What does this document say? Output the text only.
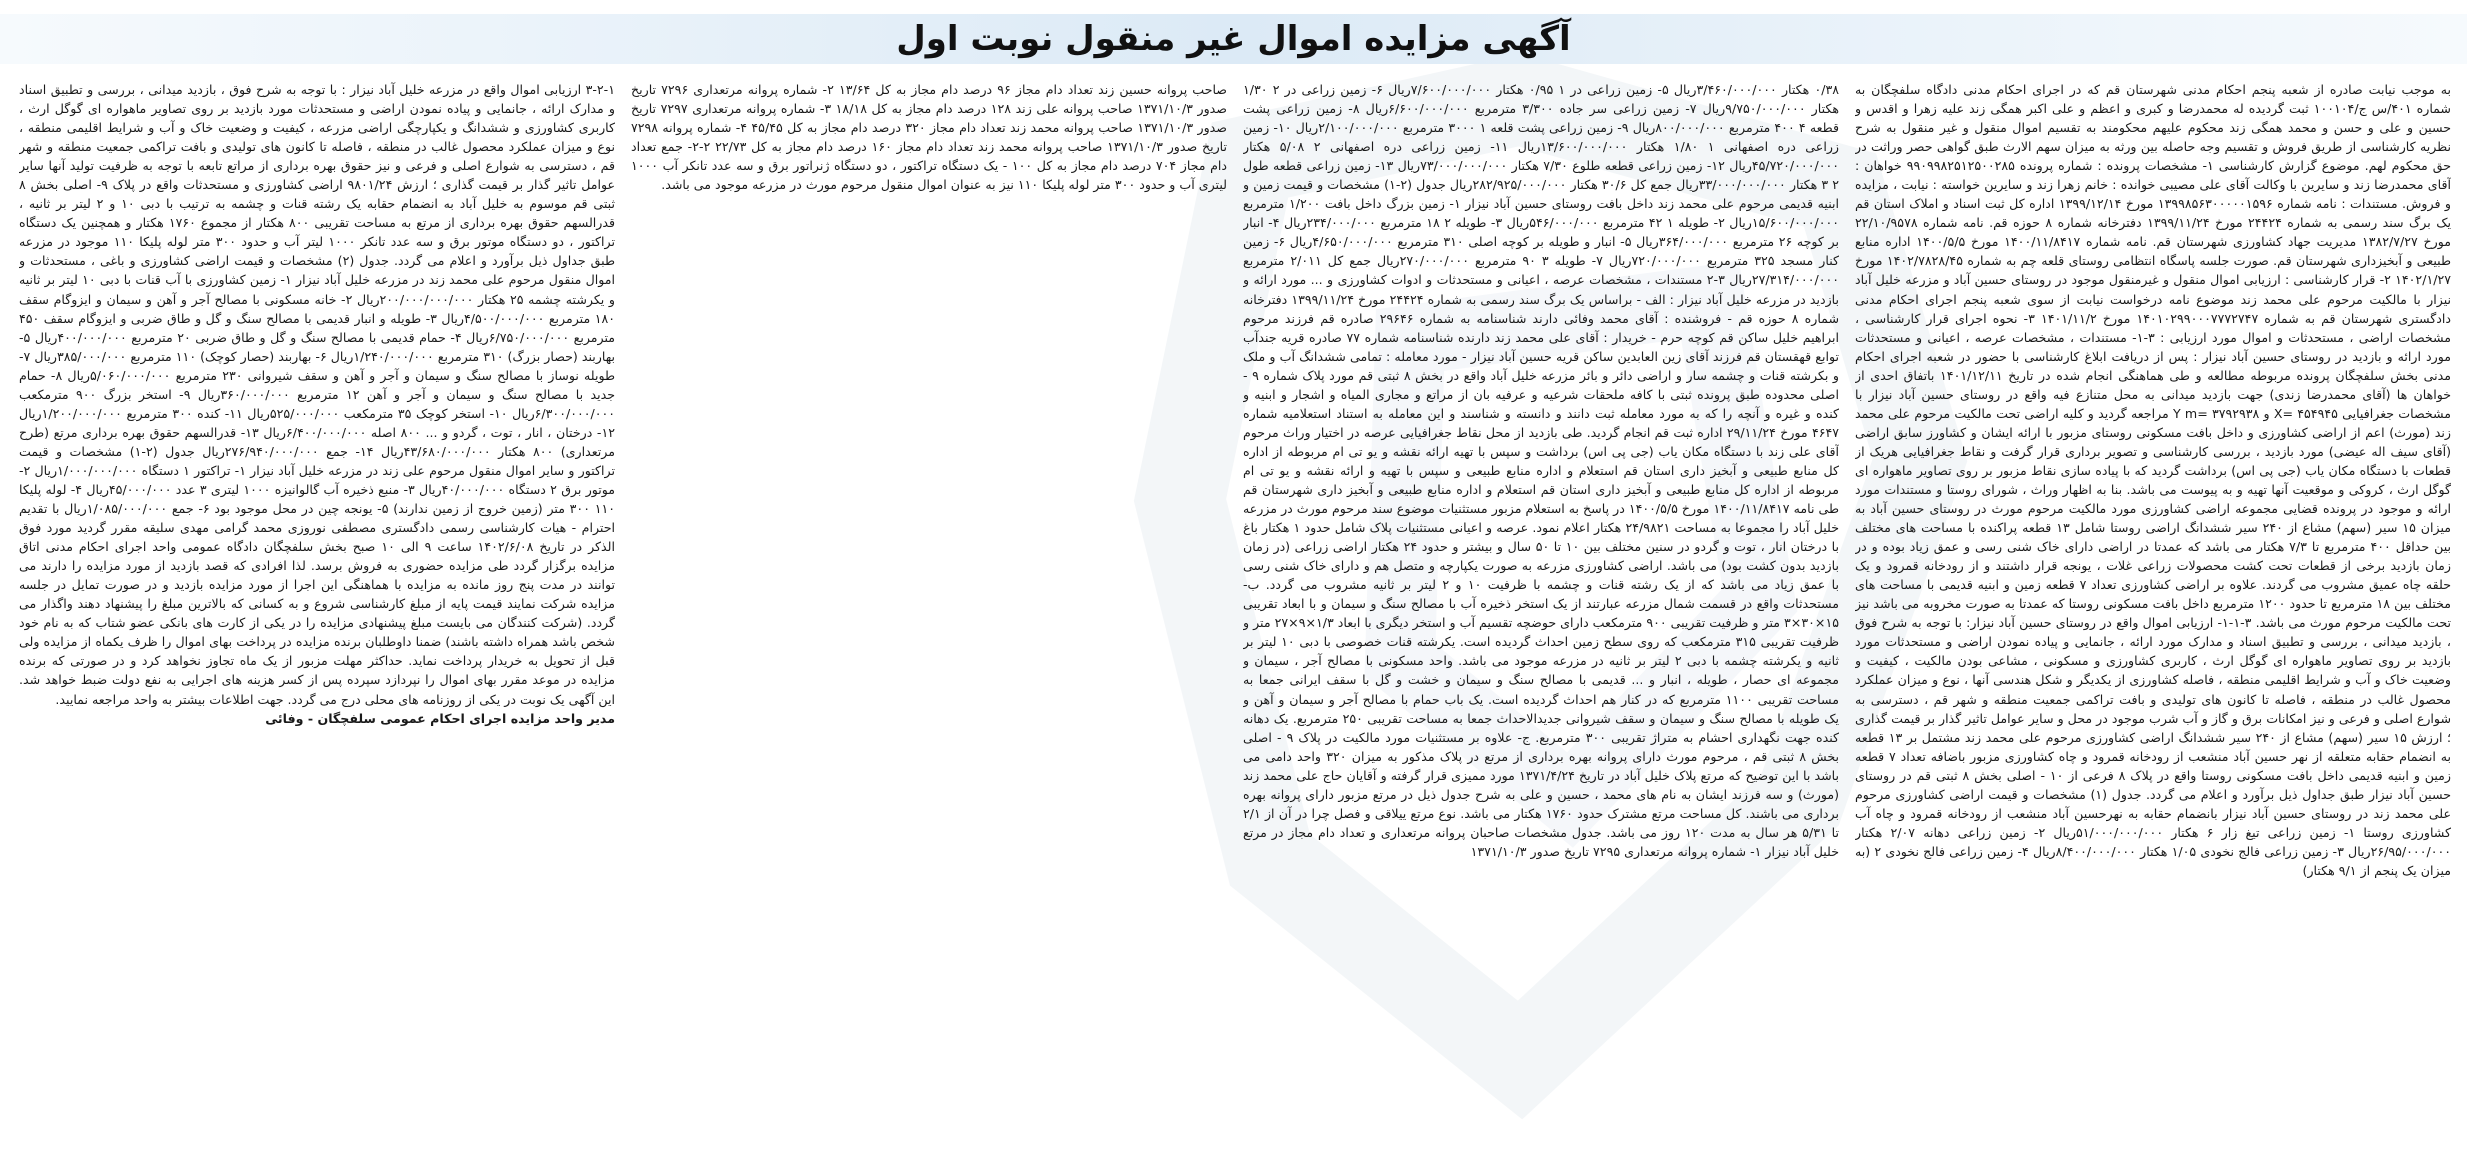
آگهی مزایده اموال غیر منقول نوبت اول

به موجب نیابت صادره از شعبه پنجم احکام مدنی شهرستان قم که در اجرای احکام مدنی دادگاه سلفچگان به شماره ۴۰۱/س ج/۱۰۰۱۰۴ ثبت گردیده له محمدرضا و کبری و اعظم و علی اکبر همگی زند علیه زهرا و اقدس و حسین و علی و حسن و محمد همگی زند محکوم علیهم محکومند به تقسیم اموال منقول و غیر منقول به شرح نظریه کارشناسی از طریق فروش و تقسیم وجه حاصله بین ورثه به میزان سهم الارث طبق گواهی حصر وراثت در حق محکوم لهم. موضوع گزارش کارشناسی ۱- مشخصات پرونده : شماره پرونده ۹۹۰۹۹۸۲۵۱۲۵۰۰۲۸۵ خواهان : آقای محمدرضا زند و سایرین با وکالت آقای علی مصیبی خوانده : خانم زهرا زند و سایرین خواسته : نیابت ، مزایده و فروش. مستندات : نامه شماره ۱۳۹۹۸۵۶۳۰۰۰۰۰۱۵۹۶ مورخ ۱۳۹۹/۱۲/۱۴ اداره کل ثبت اسناد و املاک استان قم یک برگ سند رسمی به شماره ۲۴۴۲۴ مورخ ۱۳۹۹/۱۱/۲۴ دفترخانه شماره ۸ حوزه قم. نامه شماره ۲۲/۱۰/۹۵۷۸ مورخ ۱۳۸۲/۷/۲۷ مدیریت جهاد کشاورزی شهرستان قم. نامه شماره ۱۴۰۰/۱۱/۸۴۱۷ مورخ ۱۴۰۰/۵/۵ اداره منابع طبیعی و آبخیزداری شهرستان قم. صورت جلسه پاسگاه انتظامی روستای قلعه چم به شماره ۱۴۰۲/۷۸۲۸/۴۵ مورخ ۱۴۰۲/۱/۲۷ ۲- قرار کارشناسی : ارزیابی اموال منقول و غیرمنقول موجود در روستای حسین آباد و مزرعه خلیل آباد نیزار با مالکیت مرحوم علی محمد زند موضوع نامه درخواست نیابت از سوی شعبه پنجم اجرای احکام مدنی دادگستری شهرستان قم به شماره ۱۴۰۱۰۲۹۹۰۰۰۷۷۷۲۷۴۷ مورخ ۱۴۰۱/۱۱/۲ ۳- نحوه اجرای قرار کارشناسی ، مشخصات اراضی ، مستحدثات و اموال مورد ارزیابی : ۳-۱- مستندات ، مشخصات عرصه ، اعیانی و مستحدثات مورد ارائه و بازدید در روستای حسین آباد نیزار : پس از دریافت ابلاغ کارشناسی با حضور در شعبه اجرای احکام مدنی بخش سلفچگان پرونده مربوطه مطالعه و طی هماهنگی انجام شده در تاریخ ۱۴۰۱/۱۲/۱۱ باتفاق احدی از خواهان ها (آقای محمدرضا زندی) جهت بازدید میدانی به محل متنازع فیه واقع در روستای حسین آباد نیزار با مشخصات جغرافیایی ۴۵۴۹۴۵ =X و ۳۷۹۲۹۳۸ =Y m مراجعه گردید و کلیه اراضی تحت مالکیت مرحوم علی محمد زند (مورث) اعم از اراضی کشاورزی و داخل بافت مسکونی روستای مزبور با ارائه ایشان و کشاورز سابق اراضی (آقای سیف اله عیضی) مورد بازدید ، بررسی کارشناسی و تصویر برداری قرار گرفت و نقاط جغرافیایی هریک از قطعات با دستگاه مکان یاب (جی پی اس) برداشت گردید که با پیاده سازی نقاط مزبور بر روی تصاویر ماهواره ای گوگل ارث ، کروکی و موقعیت آنها تهیه و به پیوست می باشد. بنا به اظهار وراث ، شورای روستا و مستندات مورد ارائه و موجود در پرونده قضایی مجموعه اراضی کشاورزی مورد مالکیت مرحوم مورث در روستای حسین آباد به میزان ۱۵ سیر (سهم) مشاع از ۲۴۰ سیر ششدانگ اراضی روستا شامل ۱۳ قطعه پراکنده با مساحت های مختلف بین حداقل ۴۰۰ مترمربع تا ۷/۳ هکتار می باشد که عمدتا در اراضی دارای خاک شنی رسی و عمق زیاد بوده و در زمان بازدید برخی از قطعات تحت کشت محصولات زراعی غلات ، یونجه قرار داشتند و از رودخانه قمرود و یک حلقه چاه عمیق مشروب می گردند. علاوه بر اراضی کشاورزی تعداد ۷ قطعه زمین و ابنیه قدیمی با مساحت های مختلف بین ۱۸ مترمربع تا حدود ۱۲۰۰ مترمربع داخل بافت مسکونی روستا که عمدتا به صورت مخروبه می باشد نیز تحت مالکیت مرحوم مورث می باشد. ۳-۱-۱- ارزیابی اموال واقع در روستای حسین آباد نیزار: با توجه به شرح فوق ، بازدید میدانی ، بررسی و تطبیق اسناد و مدارک مورد ارائه ، جانمایی و پیاده نمودن اراضی و مستحدثات مورد بازدید بر روی تصاویر ماهواره ای گوگل ارث ، کاربری کشاورزی و مسکونی ، مشاعی بودن مالکیت ، کیفیت و وضعیت خاک و آب و شرایط اقلیمی منطقه ، فاصله کشاورزی از یکدیگر و شکل هندسی آنها ، نوع و میزان عملکرد محصول غالب در منطقه ، فاصله تا کانون های تولیدی و بافت تراکمی جمعیت منطقه و شهر قم ، دسترسی به شوارع اصلی و فرعی و نیز امکانات برق و گاز و آب شرب موجود در محل و سایر عوامل تاثیر گذار بر قیمت گذاری ؛ ارزش ۱۵ سیر (سهم) مشاع از ۲۴۰ سیر ششدانگ اراضی کشاورزی مرحوم علی محمد زند مشتمل بر ۱۳ قطعه به انضمام حقابه متعلقه از نهر حسین آباد منشعب از رودخانه قمرود و چاه کشاورزی مزبور باضافه تعداد ۷ قطعه زمین و ابنیه قدیمی داخل بافت مسکونی روستا واقع در پلاک ۸ فرعی از ۱۰ - اصلی بخش ۸ ثبتی قم در روستای حسین آباد نیزار طبق جداول ذیل برآورد و اعلام می گردد. جدول (۱) مشخصات و قیمت اراضی کشاورزی مرحوم علی محمد زند در روستای حسین آباد نیزار بانضمام حقابه به نهرحسین آباد منشعب از رودخانه قمرود و چاه آب کشاورزی روستا ۱- زمین زراعی تیغ زار ۶ هکتار ۵۱/۰۰۰/۰۰۰/۰۰۰ریال ۲- زمین زراعی دهانه ۲/۰۷ هکتار ۲۶/۹۵/۰۰۰/۰۰۰ریال ۳- زمین زراعی فالج نخودی ۱/۰۵ هکتار ۸/۴۰۰/۰۰۰/۰۰۰ریال ۴- زمین زراعی فالج نخودی ۲ (به میزان یک پنجم از ۹/۱ هکتار)

۰/۳۸ هکتار ۳/۴۶۰/۰۰۰/۰۰۰ریال ۵- زمین زراعی در ۱ ۰/۹۵ هکتار ۷/۶۰۰/۰۰۰/۰۰۰ریال ۶- زمین زراعی در ۲ ۱/۳۰ هکتار ۹/۷۵۰/۰۰۰/۰۰۰ریال ۷- زمین زراعی سر جاده ۳/۳۰۰ مترمربع ۶/۶۰۰/۰۰۰/۰۰۰ریال ۸- زمین زراعی پشت قطعه ۴ ۴۰۰ مترمربع ۸۰۰/۰۰۰/۰۰۰ریال ۹- زمین زراعی پشت قلعه ۱ ۳۰۰۰ مترمربع ۲/۱۰۰/۰۰۰/۰۰۰ریال ۱۰- زمین زراعی دره اصفهانی ۱ ۱/۸۰ هکتار ۱۳/۶۰۰/۰۰۰/۰۰۰ریال ۱۱- زمین زراعی دره اصفهانی ۲ ۵/۰۸ هکتار ۴۵/۷۲۰/۰۰۰/۰۰۰ریال ۱۲- زمین زراعی قطعه طلوع ۷/۳۰ هکتار ۷۳/۰۰۰/۰۰۰/۰۰۰ریال ۱۳- زمین زراعی قطعه طول ۲ ۳ هکتار ۳۳/۰۰۰/۰۰۰/۰۰۰ریال جمع کل ۳۰/۶ هکتار ۲۸۲/۹۲۵/۰۰۰/۰۰۰ریال جدول (۲-۱) مشخصات و قیمت زمین و ابنیه قدیمی مرحوم علی محمد زند داخل بافت روستای حسین آباد نیزار ۱- زمین بزرگ داخل بافت ۱/۲۰۰ مترمربع ۱۵/۶۰۰/۰۰۰/۰۰۰ریال ۲- طویله ۱ ۴۲ مترمربع ۵۴۶/۰۰۰/۰۰۰ریال ۳- طویله ۲ ۱۸ مترمربع ۲۳۴/۰۰۰/۰۰۰ریال ۴- انبار بر کوچه ۲۶ مترمربع ۳۶۴/۰۰۰/۰۰۰ریال ۵- انبار و طویله بر کوچه اصلی ۳۱۰ مترمربع ۴/۶۵۰/۰۰۰/۰۰۰ریال ۶- زمین کنار مسجد ۳۲۵ مترمربع ۷۲۰/۰۰۰/۰۰۰ریال ۷- طویله ۳ ۹۰ مترمربع ۲۷۰/۰۰۰/۰۰۰ریال جمع کل ۲/۰۱۱ مترمربع ۲۷/۳۱۴/۰۰۰/۰۰۰ریال ۳-۲ مستندات ، مشخصات عرصه ، اعیانی و مستحدثات و ادوات کشاورزی و ... مورد ارائه و بازدید در مزرعه خلیل آباد نیزار : الف - براساس یک برگ سند رسمی به شماره ۲۴۴۲۴ مورخ ۱۳۹۹/۱۱/۲۴ دفترخانه شماره ۸ حوزه قم - فروشنده : آقای محمد وفائی دارند شناسنامه به شماره ۲۹۶۴۶ صادره قم فرزند مرحوم ابراهیم خلیل ساکن قم کوچه حرم - خریدار : آقای علی محمد زند دارنده شناسنامه شماره ۷۷ صادره قریه جندآب توابع قهقستان قم فرزند آقای زین العابدین ساکن قریه حسین آباد نیزار - مورد معامله : تمامی ششدانگ آب و ملک و بکرشته قنات و چشمه سار و اراضی دائر و بائر مزرعه خلیل آباد واقع در بخش ۸ ثبتی قم مورد پلاک شماره ۹ - اصلی محدوده طبق پرونده ثبتی با کافه ملحقات شرعیه و عرفیه بان از مراتع و مجاری المیاه و اشجار و ابنیه و کنده و غیره و آنچه را که به مورد معامله ثبت دانند و دانسته و شناسند و این معامله به استناد استعلامیه شماره ۴۶۴۷ مورخ ۲۹/۱۱/۲۴ اداره ثبت قم انجام گردید. طی بازدید از محل نقاط جغرافیایی عرصه در اختیار وراث مرحوم آقای علی زند با دستگاه مکان یاب (جی پی اس) برداشت و سپس با تهیه ارائه نقشه و یو تی ام مربوطه از اداره کل منابع طبیعی و آبخیز داری استان قم استعلام و اداره منابع طبیعی و سپس با تهیه و ارائه نقشه و یو تی ام مربوطه از اداره کل منابع طبیعی و آبخیز داری استان قم استعلام و اداره منابع طبیعی و آبخیز داری شهرستان قم طی نامه ۱۴۰۰/۱۱/۸۴۱۷ مورخ ۱۴۰۰/۵/۵ در پاسخ به استعلام مزبور مستثنیات موضوع سند مرحوم مورث در مزرعه خلیل آباد را مجموعا به مساحت ۲۴/۹۸۲۱ هکتار اعلام نمود. عرصه و اعیانی مستثنیات پلاک شامل حدود ۱ هکتار باغ با درختان انار ، توت و گردو در سنین مختلف بین ۱۰ تا ۵۰ سال و بیشتر و حدود ۲۴ هکتار اراضی زراعی (در زمان بازدید بدون کشت بود) می باشد. اراضی کشاورزی مزرعه به صورت یکپارچه و متصل هم و دارای خاک شنی رسی با عمق زیاد می باشد که از یک رشته قنات و چشمه با ظرفیت ۱۰ و ۲ لیتر بر ثانیه مشروب می گردد. ب- مستحدثات واقع در قسمت شمال مزرعه عبارتند از یک استخر ذخیره آب با مصالح سنگ و سیمان و با ابعاد تقریبی ۱۵×۳۰×۳ متر و ظرفیت تقریبی ۹۰۰ مترمکعب دارای حوضچه تقسیم آب و استخر دیگری با ابعاد ۱/۳×۹×۲۷ متر و ظرفیت تقریبی ۳۱۵ مترمکعب که روی سطح زمین احداث گردیده است. یکرشته قنات خصوصی با دبی ۱۰ لیتر بر ثانیه و یکرشته چشمه با دبی ۲ لیتر بر ثانیه در مزرعه موجود می باشد. واحد مسکونی با مصالح آجر ، سیمان و مجموعه ای حصار ، طویله ، انبار و ... قدیمی با مصالح سنگ و سیمان و خشت و گل با سقف ایرانی جمعا به مساحت تقریبی ۱۱۰۰ مترمربع که در کنار هم احداث گردیده است. یک باب حمام با مصالح آجر و سیمان و آهن و یک طویله با مصالح سنگ و سیمان و سقف شیروانی جدیدالاحداث جمعا به مساحت تقریبی ۲۵۰ مترمربع. یک دهانه کنده جهت نگهداری احشام به متراژ تقریبی ۳۰۰ مترمربع. ج- علاوه بر مستثنیات مورد مالکیت در پلاک ۹ - اصلی بخش ۸ ثبتی قم ، مرحوم مورث دارای پروانه بهره برداری از مرتع در پلاک مذکور به میزان ۳۲۰ واحد دامی می باشد با این توضیح که مرتع پلاک خلیل آباد در تاریخ ۱۳۷۱/۴/۲۴ مورد ممیزی قرار گرفته و آقایان حاج علی محمد زند (مورث) و سه فرزند ایشان به نام های محمد ، حسین و علی به شرح جدول ذیل در مرتع مزبور دارای پروانه بهره برداری می باشند. کل مساحت مرتع مشترک حدود ۱۷۶۰ هکتار می باشد. نوع مرتع ییلاقی و فصل چرا در آن از ۲/۱ تا ۵/۳۱ هر سال به مدت ۱۲۰ روز می باشد. جدول مشخصات صاحبان پروانه مرتعداری و تعداد دام مجاز در مرتع خلیل آباد نیزار ۱- شماره پروانه مرتعداری ۷۲۹۵ تاریخ صدور ۱۳۷۱/۱۰/۳

صاحب پروانه حسین زند تعداد دام مجاز ۹۶ درصد دام مجاز به کل ۱۳/۶۴ ۲- شماره پروانه مرتعداری ۷۲۹۶ تاریخ صدور ۱۳۷۱/۱۰/۳ صاحب پروانه علی زند ۱۲۸ درصد دام مجاز به کل ۱۸/۱۸ ۳- شماره پروانه مرتعداری ۷۲۹۷ تاریخ صدور ۱۳۷۱/۱۰/۳ صاحب پروانه محمد زند تعداد دام مجاز ۳۲۰ درصد دام مجاز به کل ۴۵/۴۵ ۴- شماره پروانه ۷۲۹۸ تاریخ صدور ۱۳۷۱/۱۰/۳ صاحب پروانه محمد زند تعداد دام مجاز ۱۶۰ درصد دام مجاز به کل ۲۲/۷۳ ۲-۲- جمع تعداد دام مجاز ۷۰۴ درصد دام مجاز به کل ۱۰۰ - یک دستگاه تراکتور ، دو دستگاه ژنراتور برق و سه عدد تانکر آب ۱۰۰۰ لیتری آب و حدود ۳۰۰ متر لوله پلیکا ۱۱۰ نیز به عنوان اموال منقول مرحوم مورث در مزرعه موجود می باشد.

۳-۲-۱ ارزیابی اموال واقع در مزرعه خلیل آباد نیزار : با توجه به شرح فوق ، بازدید میدانی ، بررسی و تطبیق اسناد و مدارک ارائه ، جانمایی و پیاده نمودن اراضی و مستحدثات مورد بازدید بر روی تصاویر ماهواره ای گوگل ارث ، کاربری کشاورزی و ششدانگ و یکپارچگی اراضی مزرعه ، کیفیت و وضعیت خاک و آب و شرایط اقلیمی منطقه ، نوع و میزان عملکرد محصول غالب در منطقه ، فاصله تا کانون های تولیدی و بافت تراکمی جمعیت منطقه و شهر قم ، دسترسی به شوارع اصلی و فرعی و نیز حقوق بهره برداری از مراتع تابعه با توجه به ظرفیت تولید آنها سایر عوامل تاثیر گذار بر قیمت گذاری ؛ ارزش ۹۸۰۱/۲۴ اراضی کشاورزی و مستحدثات واقع در پلاک ۹- اصلی بخش ۸ ثبتی قم موسوم به خلیل آباد به انضمام حقابه یک رشته قنات و چشمه به ترتیب با دبی ۱۰ و ۲ لیتر بر ثانیه ، قدرالسهم حقوق بهره برداری از مرتع به مساحت تقریبی ۸۰۰ هکتار از مجموع ۱۷۶۰ هکتار و همچنین یک دستگاه تراکتور ، دو دستگاه موتور برق و سه عدد تانکر ۱۰۰۰ لیتر آب و حدود ۳۰۰ متر لوله پلیکا ۱۱۰ موجود در مزرعه طبق جداول ذیل برآورد و اعلام می گردد. جدول (۲) مشخصات و قیمت اراضی کشاورزی و باغی ، مستحدثات و اموال منقول مرحوم علی محمد زند در مزرعه خلیل آباد نیزار ۱- زمین کشاورزی با آب قنات با دبی ۱۰ لیتر بر ثانیه و یکرشته چشمه ۲۵ هکتار ۲۰۰/۰۰۰/۰۰۰/۰۰۰ریال ۲- خانه مسکونی با مصالح آجر و آهن و سیمان و ایزوگام سقف ۱۸۰ مترمربع ۴/۵۰۰/۰۰۰/۰۰۰ریال ۳- طویله و انبار قدیمی با مصالح سنگ و گل و طاق ضربی و ایزوگام سقف ۴۵۰ مترمربع ۶/۷۵۰/۰۰۰/۰۰۰ریال ۴- حمام قدیمی با مصالح سنگ و گل و طاق ضربی ۲۰ مترمربع ۴۰۰/۰۰۰/۰۰۰ریال ۵- بهاربند (حصار بزرگ) ۳۱۰ مترمربع ۱/۲۴۰/۰۰۰/۰۰۰ریال ۶- بهاربند (حصار کوچک) ۱۱۰ مترمربع ۳۸۵/۰۰۰/۰۰۰ریال ۷- طویله نوساز با مصالح سنگ و سیمان و آجر و آهن و سقف شیروانی ۲۳۰ مترمربع ۵/۰۶۰/۰۰۰/۰۰۰ریال ۸- حمام جدید با مصالح سنگ و سیمان و آجر و آهن ۱۲ مترمربع ۳۶۰/۰۰۰/۰۰۰ریال ۹- استخر بزرگ ۹۰۰ مترمکعب ۶/۳۰۰/۰۰۰/۰۰۰ریال ۱۰- استخر کوچک ۳۵ مترمکعب ۵۲۵/۰۰۰/۰۰۰ریال ۱۱- کنده ۳۰۰ مترمربع ۱/۲۰۰/۰۰۰/۰۰۰ریال ۱۲- درختان ، انار ، توت ، گردو و ... ۸۰۰ اصله ۶/۴۰۰/۰۰۰/۰۰۰ریال ۱۳- قدرالسهم حقوق بهره برداری مرتع (طرح مرتعداری) ۸۰۰ هکتار ۴۳/۶۸۰/۰۰۰/۰۰۰ریال ۱۴- جمع ۲۷۶/۹۴۰/۰۰۰/۰۰۰ریال جدول (۲-۱) مشخصات و قیمت تراکتور و سایر اموال منقول مرحوم علی زند در مزرعه خلیل آباد نیزار ۱- تراکتور ۱ دستگاه ۱/۰۰۰/۰۰۰/۰۰۰ریال ۲- موتور برق ۲ دستگاه ۴۰/۰۰۰/۰۰۰ریال ۳- منبع ذخیره آب گالوانیزه ۱۰۰۰ لیتری ۳ عدد ۴۵/۰۰۰/۰۰۰ریال ۴- لوله پلیکا ۱۱۰ ۳۰۰ متر (زمین خروج از زمین ندارند) ۵- یونجه چین در محل موجود بود ۶- جمع ۱/۰۸۵/۰۰۰/۰۰۰ریال با تقدیم احترام - هیات کارشناسی رسمی دادگستری مصطفی نوروزی محمد گرامی مهدی سلیقه مقرر گردید مورد فوق الذکر در تاریخ ۱۴۰۲/۶/۰۸ ساعت ۹ الی ۱۰ صبح بخش سلفچگان دادگاه عمومی واحد اجرای احکام مدنی اتاق مزایده برگزار گردد طی مزایده حضوری به فروش برسد. لذا افرادی که قصد بازدید از مورد مزایده را دارند می توانند در مدت پنج روز مانده به مزایده با هماهنگی این اجرا از مورد مزایده بازدید و در صورت تمایل در جلسه مزایده شرکت نمایند قیمت پایه از مبلغ کارشناسی شروع و به کسانی که بالاترین مبلغ را پیشنهاد دهند واگذار می گردد. (شرکت کنندگان می بایست مبلغ پیشنهادی مزایده را در یکی از کارت های بانکی عضو شتاب که به نام خود شخص باشد همراه داشته باشند) ضمنا داوطلبان برنده مزایده در پرداخت بهای اموال را ظرف یکماه از مزایده ولی قبل از تحویل به خریدار پرداخت نماید. حداکثر مهلت مزبور از یک ماه تجاوز نخواهد کرد و در صورتی که برنده مزایده در موعد مقرر بهای اموال را نپردازد سپرده پس از کسر هزینه های اجرایی به نفع دولت ضبط خواهد شد. این آگهی یک نوبت در یکی از روزنامه های محلی درج می گردد. جهت اطلاعات بیشتر به واحد مراجعه نمایید.

مدیر واحد مزایده اجرای احکام عمومی سلفچگان - وفائی
